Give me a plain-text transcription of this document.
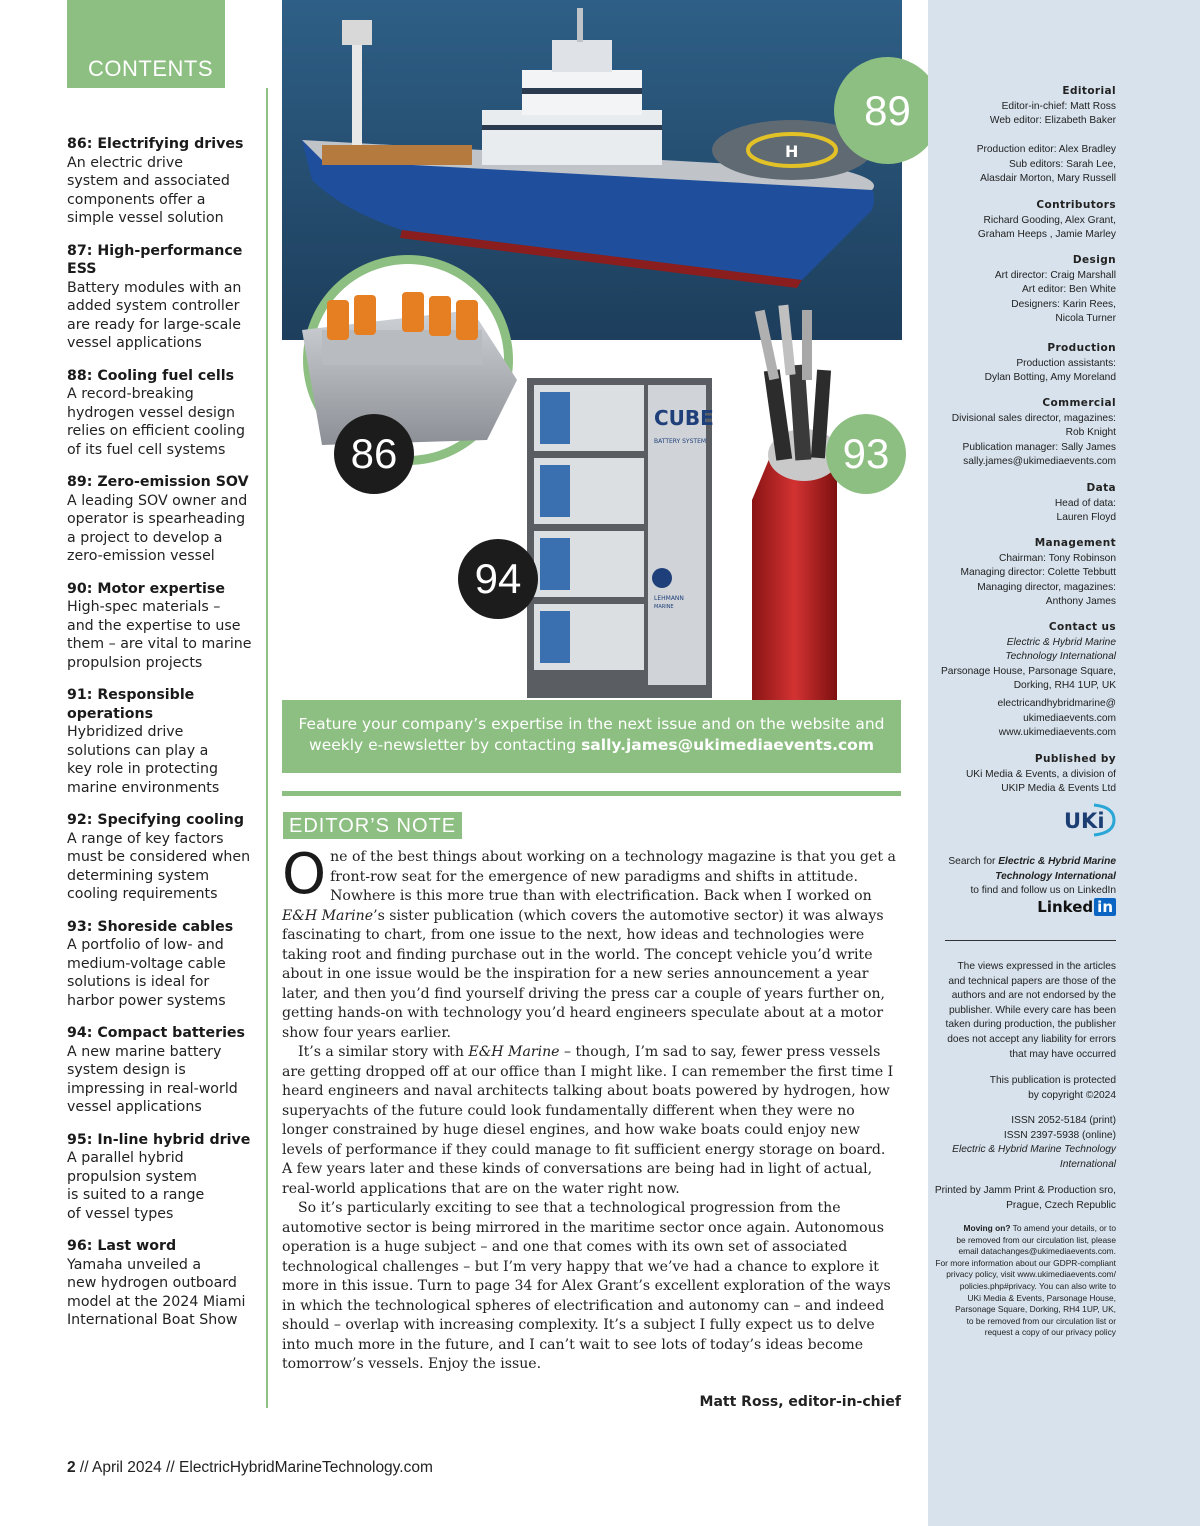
CONTENTS
86: Electrifying drives
An electric drive
system and associated
components offer a
simple vessel solution
87: High-performance ESS
Battery modules with an
added system controller
are ready for large-scale
vessel applications
88: Cooling fuel cells
A record-breaking
hydrogen vessel design
relies on efficient cooling
of its fuel cell systems
89: Zero-emission SOV
A leading SOV owner and
operator is spearheading
a project to develop a
zero-emission vessel
90: Motor expertise
High-spec materials –
and the expertise to use
them – are vital to marine
propulsion projects
91: Responsible operations
Hybridized drive
solutions can play a
key role in protecting
marine environments
92: Specifying cooling
A range of key factors
must be considered when
determining system
cooling requirements
93: Shoreside cables
A portfolio of low- and
medium-voltage cable
solutions is ideal for
harbor power systems
94: Compact batteries
A new marine battery
system design is
impressing in real-world
vessel applications
95: In-line hybrid drive
A parallel hybrid
propulsion system
is suited to a range
of vessel types
96: Last word
Yamaha unveiled a
new hydrogen outboard
model at the 2024 Miami
International Boat Show
H
CUBE
BATTERY SYSTEM
LEHMANN
MARINE
89
86	93
94
Feature your company’s expertise in the next issue and on the website and weekly e-newsletter by contacting sally.james@ukimediaevents.com
EDITOR’S NOTE

One of the best things about working on a technology magazine is that you get a front-row seat for the emergence of new paradigms and shifts in attitude. Nowhere is this more true than with electrification. Back when I worked on E&H Marine’s sister publication (which covers the automotive sector) it was always fascinating to chart, from one issue to the next, how ideas and technologies were taking root and finding purchase out in the world. The concept vehicle you’d write about in one issue would be the inspiration for a new series announcement a year later, and then you’d find yourself driving the press car a couple of years further on, getting hands-on with technology you’d heard engineers speculate about at a motor show four years earlier.

It’s a similar story with E&H Marine – though, I’m sad to say, fewer press vessels are getting dropped off at our office than I might like. I can remember the first time I heard engineers and naval architects talking about boats powered by hydrogen, how superyachts of the future could look fundamentally different when they were no longer constrained by huge diesel engines, and how wake boats could enjoy new levels of performance if they could manage to fit sufficient energy storage on board. A few years later and these kinds of conversations are being had in light of actual, real-world applications that are on the water right now.

So it’s particularly exciting to see that a technological progression from the automotive sector is being mirrored in the maritime sector once again. Autonomous operation is a huge subject – and one that comes with its own set of associated technological challenges – but I’m very happy that we’ve had a chance to explore it more in this issue. Turn to page 34 for Alex Grant’s excellent exploration of the ways in which the technological spheres of electrification and autonomy can – and indeed should – overlap with increasing complexity. It’s a subject I fully expect us to delve into much more in the future, and I can’t wait to see lots of today’s ideas become tomorrow’s vessels. Enjoy the issue.

Matt Ross, editor-in-chief
2 // April 2024 // ElectricHybridMarineTechnology.com
Editorial
Editor-in-chief: Matt Ross
Web editor: Elizabeth Baker
Production editor: Alex Bradley
Sub editors: Sarah Lee,
Alasdair Morton, Mary Russell
Contributors
Richard Gooding, Alex Grant,
Graham Heeps , Jamie Marley
Design
Art director: Craig Marshall
Art editor: Ben White
Designers: Karin Rees,
Nicola Turner
Production
Production assistants:
Dylan Botting, Amy Moreland
Commercial
Divisional sales director, magazines:
Rob Knight
Publication manager: Sally James
sally.james@ukimediaevents.com
Data
Head of data:
Lauren Floyd
Management
Chairman: Tony Robinson
Managing director: Colette Tebbutt
Managing director, magazines:
Anthony James
Contact us
Electric & Hybrid Marine
Technology International
Parsonage House, Parsonage Square,
Dorking, RH4 1UP, UK
electricandhybridmarine@
ukimediaevents.com
www.ukimediaevents.com
Published by
UKi Media & Events, a division of
UKIP Media & Events Ltd
UKi
Search for Electric & Hybrid Marine
Technology International
to find and follow us on LinkedIn
Linked in
The views expressed in the articles
and technical papers are those of the
authors and are not endorsed by the
publisher. While every care has been
taken during production, the publisher
does not accept any liability for errors
that may have occurred
This publication is protected
by copyright ©2024
ISSN 2052-5184 (print)
ISSN 2397-5938 (online)
Electric & Hybrid Marine Technology
International
Printed by Jamm Print & Production sro,
Prague, Czech Republic
Moving on? To amend your details, or to
be removed from our circulation list, please
email datachanges@ukimediaevents.com.
For more information about our GDPR-compliant
privacy policy, visit www.ukimediaevents.com/
policies.php#privacy. You can also write to
UKi Media & Events, Parsonage House,
Parsonage Square, Dorking, RH4 1UP, UK,
to be removed from our circulation list or
request a copy of our privacy policy
